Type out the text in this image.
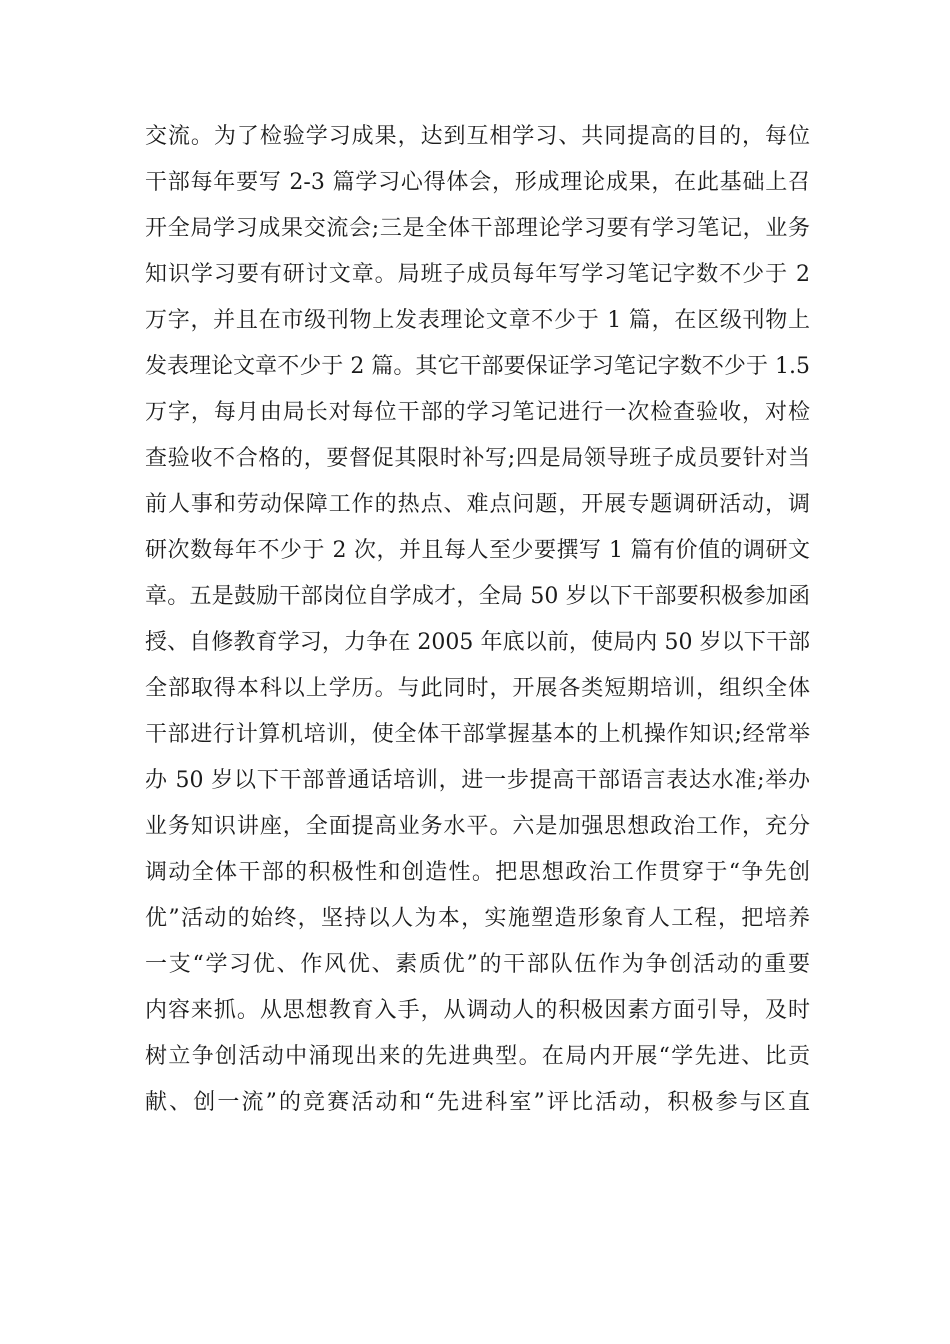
交流。为了检验学习成果，达到互相学习、共同提高的目的，每位
干部每年要写 2-3 篇学习心得体会，形成理论成果，在此基础上召
开全局学习成果交流会;三是全体干部理论学习要有学习笔记，业务
知识学习要有研讨文章。局班子成员每年写学习笔记字数不少于 2
万字，并且在市级刊物上发表理论文章不少于 1 篇，在区级刊物上
发表理论文章不少于 2 篇。其它干部要保证学习笔记字数不少于 1.5
万字，每月由局长对每位干部的学习笔记进行一次检查验收，对检
查验收不合格的，要督促其限时补写;四是局领导班子成员要针对当
前人事和劳动保障工作的热点、难点问题，开展专题调研活动，调
研次数每年不少于 2 次，并且每人至少要撰写 1 篇有价值的调研文
章。五是鼓励干部岗位自学成才，全局 50 岁以下干部要积极参加函
授、自修教育学习，力争在 2005 年底以前，使局内 50 岁以下干部
全部取得本科以上学历。与此同时，开展各类短期培训，组织全体
干部进行计算机培训，使全体干部掌握基本的上机操作知识;经常举
办 50 岁以下干部普通话培训，进一步提高干部语言表达水准;举办
业务知识讲座，全面提高业务水平。六是加强思想政治工作，充分
调动全体干部的积极性和创造性。把思想政治工作贯穿于“争先创
优”活动的始终，坚持以人为本，实施塑造形象育人工程，把培养
一支“学习优、作风优、素质优”的干部队伍作为争创活动的重要
内容来抓。从思想教育入手，从调动人的积极因素方面引导，及时
树立争创活动中涌现出来的先进典型。在局内开展“学先进、比贡
献、创一流”的竞赛活动和“先进科室”评比活动，积极参与区直
